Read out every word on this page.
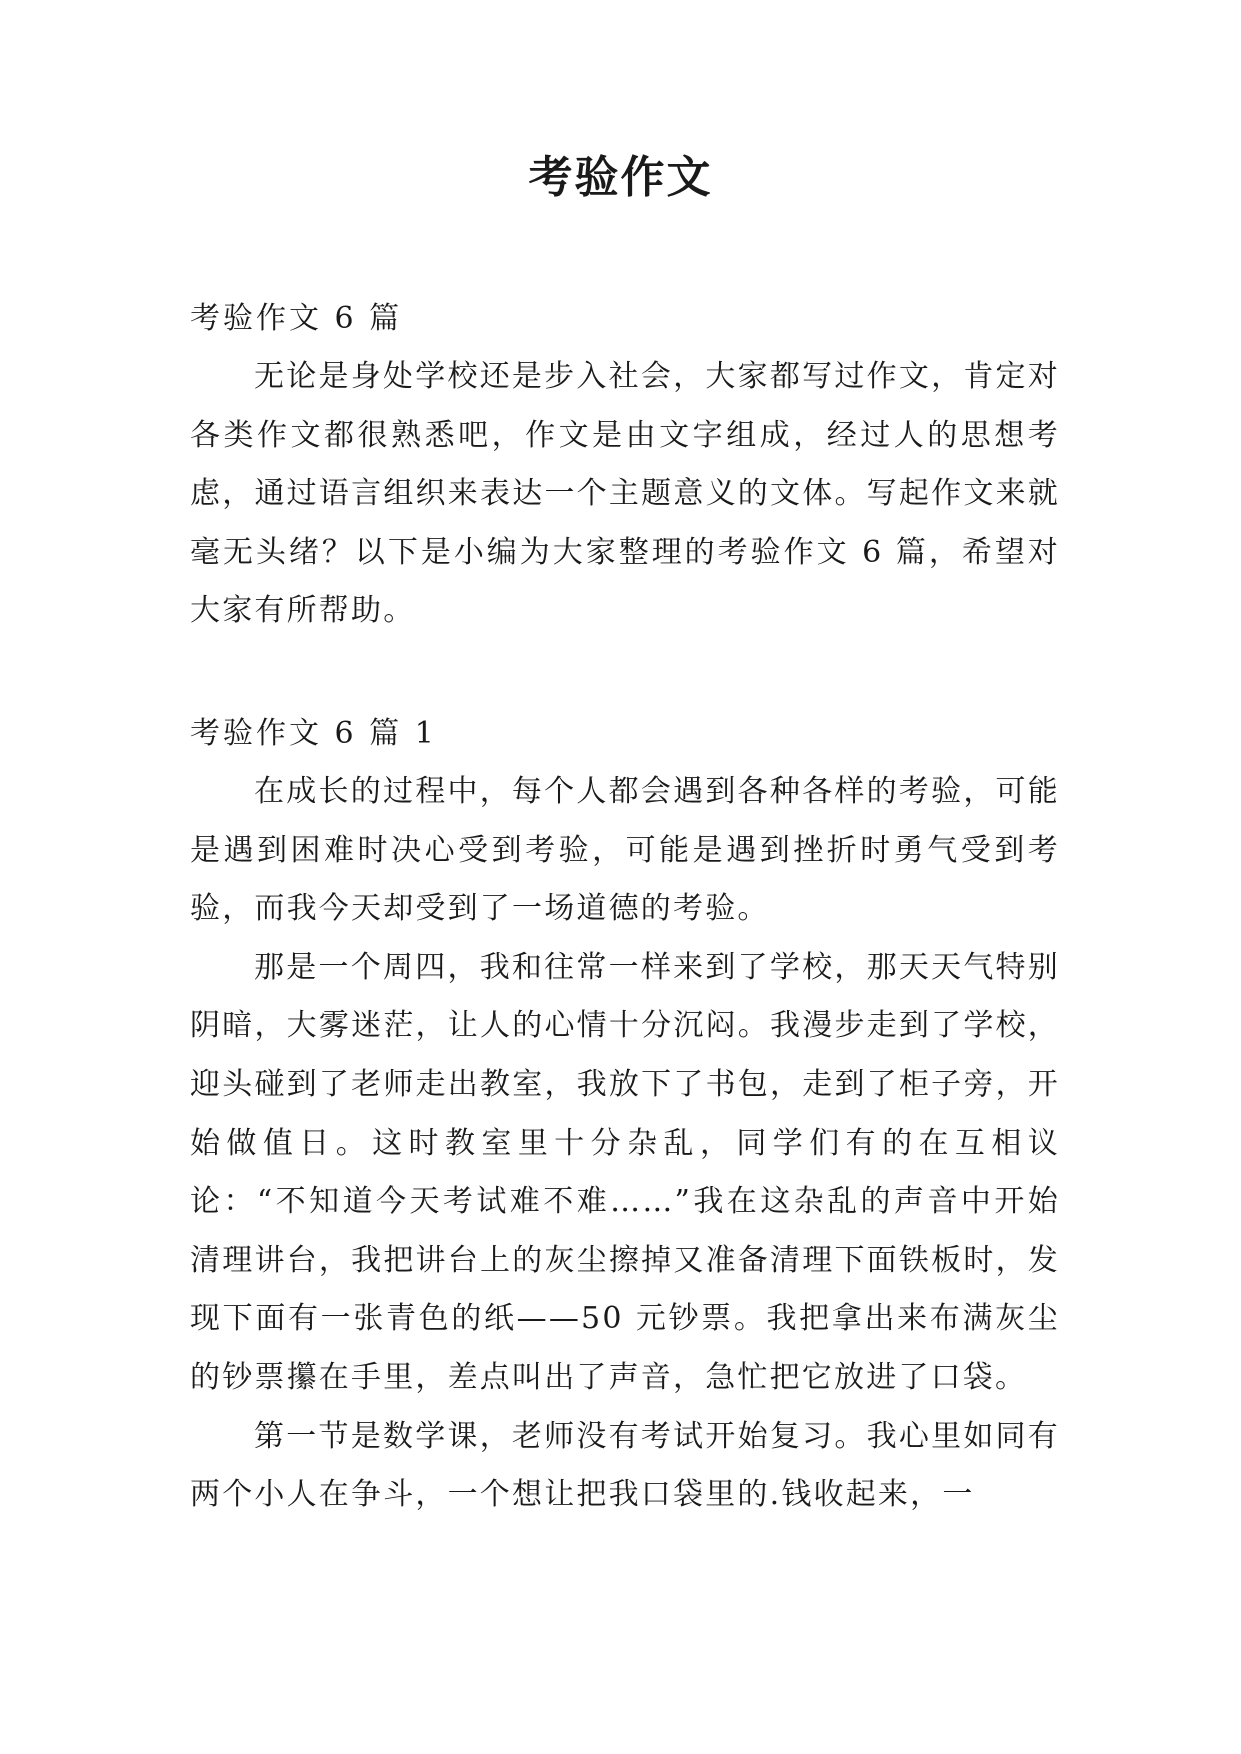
考验作文

考验作文 6 篇

无论是身处学校还是步入社会，大家都写过作文，肯定对各类作文都很熟悉吧，作文是由文字组成，经过人的思想考虑，通过语言组织来表达一个主题意义的文体。写起作文来就毫无头绪？以下是小编为大家整理的考验作文 6 篇，希望对大家有所帮助。

考验作文 6 篇 1

在成长的过程中，每个人都会遇到各种各样的考验，可能是遇到困难时决心受到考验，可能是遇到挫折时勇气受到考验，而我今天却受到了一场道德的考验。

那是一个周四，我和往常一样来到了学校，那天天气特别阴暗，大雾迷茫，让人的心情十分沉闷。我漫步走到了学校，迎头碰到了老师走出教室，我放下了书包，走到了柜子旁，开始做值日。这时教室里十分杂乱，同学们有的在互相议论：“不知道今天考试难不难……”我在这杂乱的声音中开始清理讲台，我把讲台上的灰尘擦掉又准备清理下面铁板时，发现下面有一张青色的纸——50 元钞票。我把拿出来布满灰尘的钞票攥在手里，差点叫出了声音，急忙把它放进了口袋。

第一节是数学课，老师没有考试开始复习。我心里如同有两个小人在争斗，一个想让把我口袋里的.钱收起来，一
